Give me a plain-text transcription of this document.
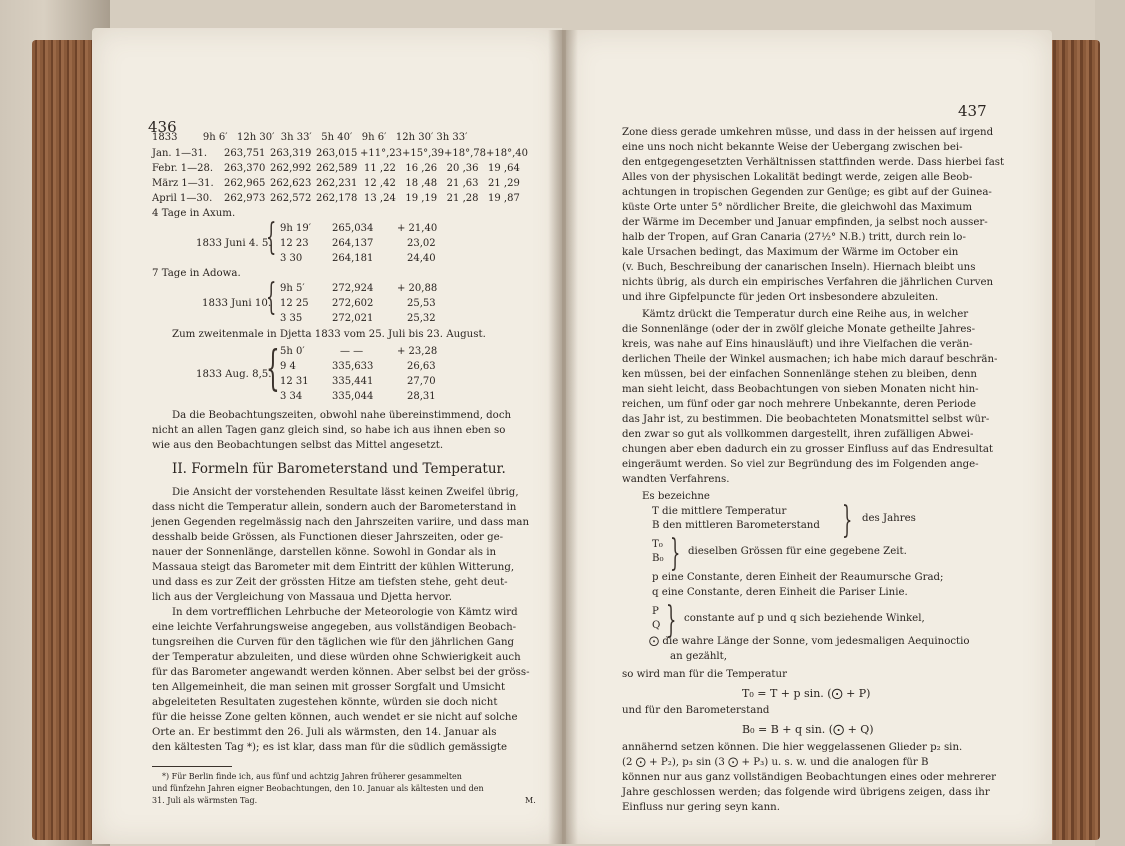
436
1833        9h 6′   12h 30′  3h 33′   5h 40′   9h 6′   12h 30′ 3h 33′
Jan. 1—31. 263,751 263,319 263,015 +11°,23+15°,39+18°,78+18°,40
Febr. 1—28. 263,370 262,992 262,589 11 ,22   16 ,26   20 ,36   19 ,64
März 1—31. 262,965 262,623 262,231 12 ,42   18 ,48   21 ,63   21 ,29
April 1—30. 262,973 262,572 262,178 13 ,24   19 ,19   21 ,28   19 ,87
4 Tage in Axum.
1833 Juni 4. 5.
{ 9h 19′ 265,034 + 21,40
12 23 264,137	23,02
3 30	264,181	24,40
7 Tage in Adowa.
1833 Juni 10.
{ 9h 5′	272,924 + 20,88
12 25 272,602	25,53
3 35	272,021	25,32
Zum zweitenmale in Djetta 1833 vom 25. Juli bis 23. August.
1833 Aug. 8,5.
{ 5h 0′	— —	+ 23,28
9 4	335,633	26,63
12 31 335,441	27,70
3 34	335,044	28,31
Da die Beobachtungszeiten, obwohl nahe übereinstimmend, doch
nicht an allen Tagen ganz gleich sind, so habe ich aus ihnen eben so
wie aus den Beobachtungen selbst das Mittel angesetzt.
II. Formeln für Barometerstand und Temperatur.
Die Ansicht der vorstehenden Resultate lässt keinen Zweifel übrig,
dass nicht die Temperatur allein, sondern auch der Barometerstand in
jenen Gegenden regelmässig nach den Jahrszeiten variire, und dass man
desshalb beide Grössen, als Functionen dieser Jahrszeiten, oder ge-
nauer der Sonnenlänge, darstellen könne. Sowohl in Gondar als in
Massaua steigt das Barometer mit dem Eintritt der kühlen Witterung,
und dass es zur Zeit der grössten Hitze am tiefsten stehe, geht deut-
lich aus der Vergleichung von Massaua und Djetta hervor.
In dem vortrefflichen Lehrbuche der Meteorologie von Kämtz wird
eine leichte Verfahrungsweise angegeben, aus vollständigen Beobach-
tungsreihen die Curven für den täglichen wie für den jährlichen Gang
der Temperatur abzuleiten, und diese würden ohne Schwierigkeit auch
für das Barometer angewandt werden können. Aber selbst bei der gröss-
ten Allgemeinheit, die man seinen mit grosser Sorgfalt und Umsicht
abgeleiteten Resultaten zugestehen könnte, würden sie doch nicht
für die heisse Zone gelten können, auch wendet er sie nicht auf solche
Orte an. Er bestimmt den 26. Juli als wärmsten, den 14. Januar als
den kältesten Tag *); es ist klar, dass man für die südlich gemässigte
*) Für Berlin finde ich, aus fünf und achtzig Jahren früherer gesammelten
und fünfzehn Jahren eigner Beobachtungen, den 10. Januar als kältesten und den
31. Juli als wärmsten Tag.	M.
437
Zone diess gerade umkehren müsse, und dass in der heissen auf irgend
eine uns noch nicht bekannte Weise der Uebergang zwischen bei-
den entgegengesetzten Verhältnissen stattfinden werde. Dass hierbei fast
Alles von der physischen Lokalität bedingt werde, zeigen alle Beob-
achtungen in tropischen Gegenden zur Genüge; es gibt auf der Guinea-
küste Orte unter 5° nördlicher Breite, die gleichwohl das Maximum
der Wärme im December und Januar empfinden, ja selbst noch ausser-
halb der Tropen, auf Gran Canaria (27½° N.B.) tritt, durch rein lo-
kale Ursachen bedingt, das Maximum der Wärme im October ein
(v. Buch, Beschreibung der canarischen Inseln). Hiernach bleibt uns
nichts übrig, als durch ein empirisches Verfahren die jährlichen Curven
und ihre Gipfelpuncte für jeden Ort insbesondere abzuleiten.
Kämtz drückt die Temperatur durch eine Reihe aus, in welcher
die Sonnenlänge (oder der in zwölf gleiche Monate getheilte Jahres-
kreis, was nahe auf Eins hinausläuft) und ihre Vielfachen die verän-
derlichen Theile der Winkel ausmachen; ich habe mich darauf beschrän-
ken müssen, bei der einfachen Sonnenlänge stehen zu bleiben, denn
man sieht leicht, dass Beobachtungen von sieben Monaten nicht hin-
reichen, um fünf oder gar noch mehrere Unbekannte, deren Periode
das Jahr ist, zu bestimmen. Die beobachteten Monatsmittel selbst wür-
den zwar so gut als vollkommen dargestellt, ihren zufälligen Abwei-
chungen aber eben dadurch ein zu grosser Einfluss auf das Endresultat
eingeräumt werden. So viel zur Begründung des im Folgenden ange-
wandten Verfahrens.
Es bezeichne
T die mittlere Temperatur
B den mittleren Barometerstand } des Jahres
T₀
B₀ } dieselben Grössen für eine gegebene Zeit.
p eine Constante, deren Einheit der Reaumursche Grad;
q eine Constante, deren Einheit die Pariser Linie.
P
Q } constante auf p und q sich beziehende Winkel,
⨀ die wahre Länge der Sonne, vom jedesmaligen Aequinoctio
an gezählt,
so wird man für die Temperatur
T₀ = T + p sin. (⨀ + P)
und für den Barometerstand
B₀ = B + q sin. (⨀ + Q)
annähernd setzen können. Die hier weggelassenen Glieder p₂ sin.
(2 ⨀ + P₂), p₃ sin (3 ⨀ + P₃) u. s. w. und die analogen für B
können nur aus ganz vollständigen Beobachtungen eines oder mehrerer
Jahre geschlossen werden; das folgende wird übrigens zeigen, dass ihr
Einfluss nur gering seyn kann.
